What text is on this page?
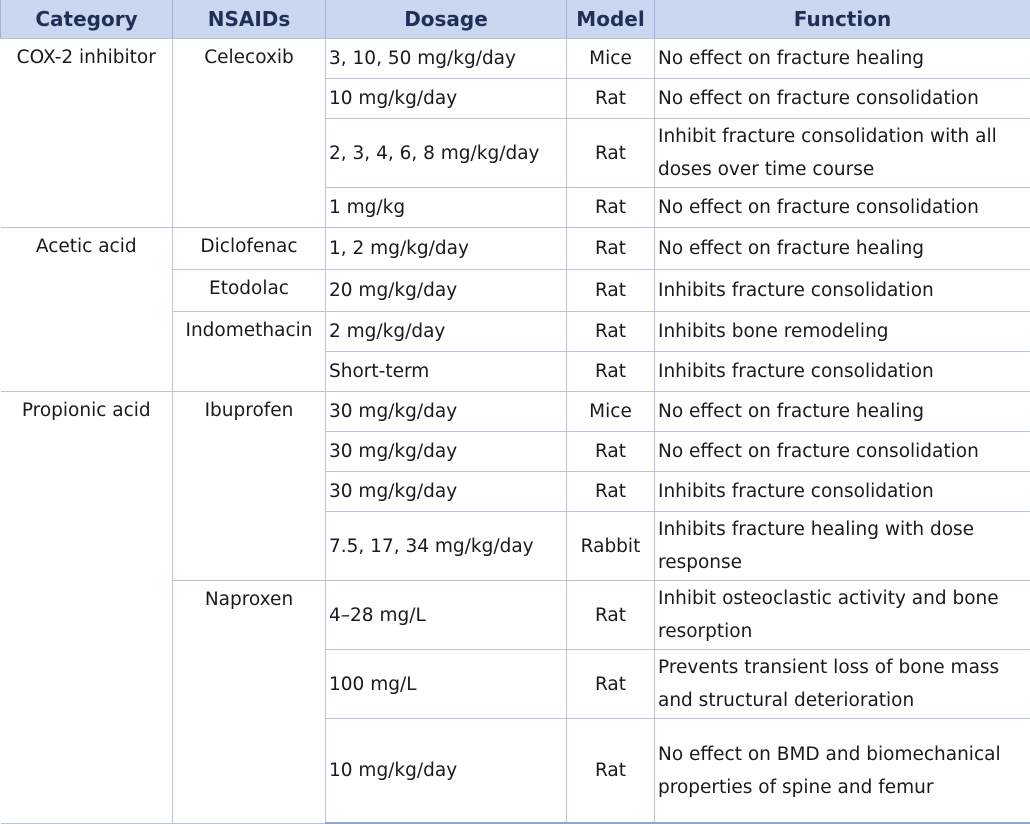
Category	NSAIDs	Dosage	Model	Function
COX-2 inhibitor	Celecoxib	3, 10, 50 mg/kg/day	Mice	No effect on fracture healing
		10 mg/kg/day	Rat	No effect on fracture consolidation
		2, 3, 4, 6, 8 mg/kg/day	Rat	Inhibit fracture consolidation with all doses over time course
		1 mg/kg	Rat	No effect on fracture consolidation
Acetic acid	Diclofenac	1, 2 mg/kg/day	Rat	No effect on fracture healing
	Etodolac	20 mg/kg/day	Rat	Inhibits fracture consolidation
	Indomethacin	2 mg/kg/day	Rat	Inhibits bone remodeling
		Short-term	Rat	Inhibits fracture consolidation
Propionic acid	Ibuprofen	30 mg/kg/day	Mice	No effect on fracture healing
		30 mg/kg/day	Rat	No effect on fracture consolidation
		30 mg/kg/day	Rat	Inhibits fracture consolidation
		7.5, 17, 34 mg/kg/day	Rabbit	Inhibits fracture healing with dose response
	Naproxen	4–28 mg/L	Rat	Inhibit osteoclastic activity and bone resorption
		100 mg/L	Rat	Prevents transient loss of bone mass and structural deterioration
		10 mg/kg/day	Rat	No effect on BMD and biomechanical properties of spine and femur
